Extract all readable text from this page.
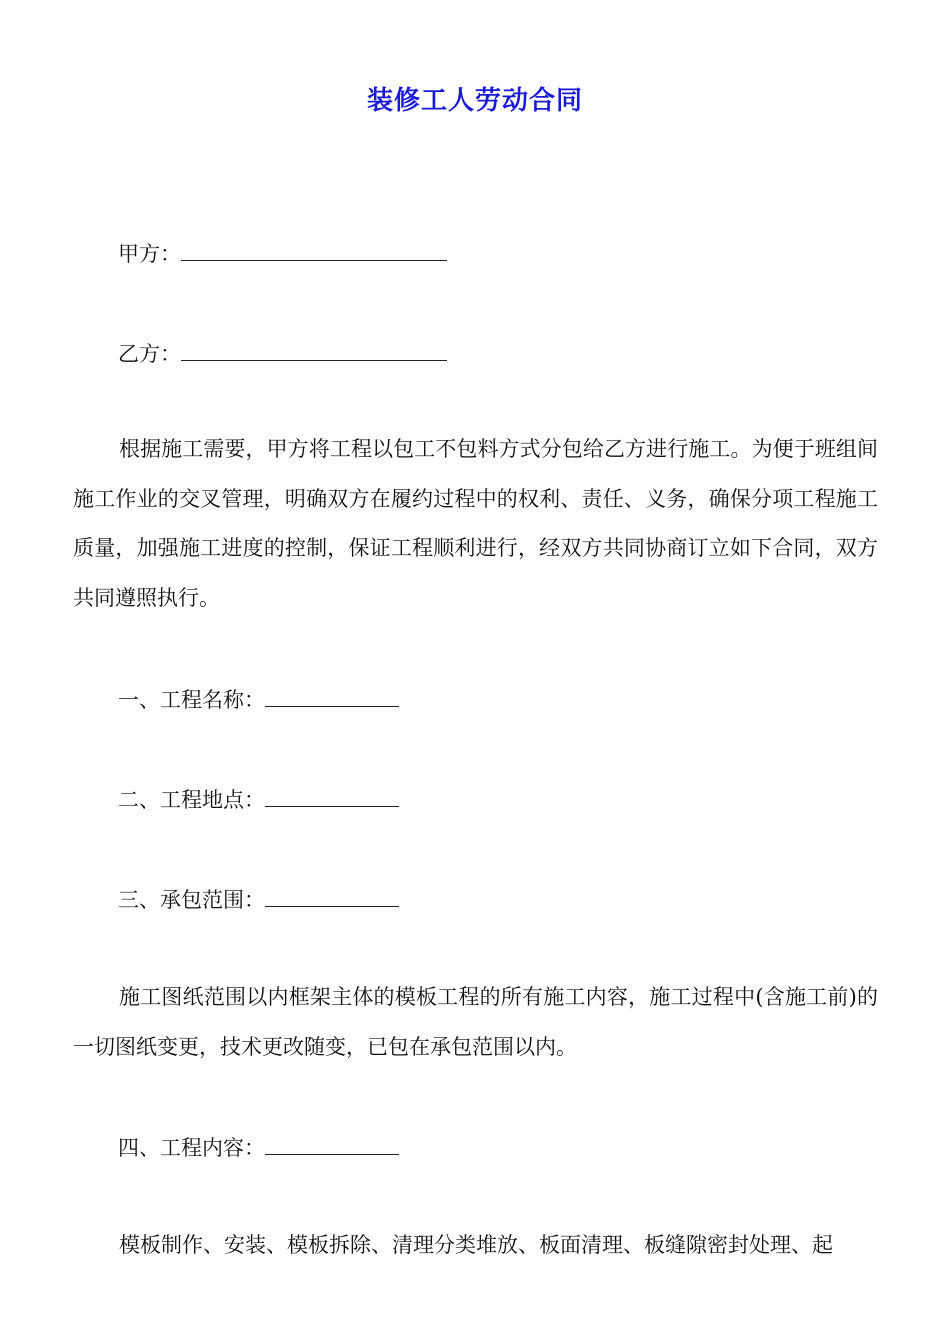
装修工人劳动合同
甲方：
乙方：
根据施工需要，甲方将工程以包工不包料方式分包给乙方进行施工。为便于班组间施工作业的交叉管理，明确双方在履约过程中的权利、责任、义务，确保分项工程施工质量，加强施工进度的控制，保证工程顺利进行，经双方共同协商订立如下合同，双方共同遵照执行。
一、工程名称：
二、工程地点：
三、承包范围：
施工图纸范围以内框架主体的模板工程的所有施工内容，施工过程中(含施工前)的一切图纸变更，技术更改随变，已包在承包范围以内。
四、工程内容：
模板制作、安装、模板拆除、清理分类堆放、板面清理、板缝隙密封处理、起
